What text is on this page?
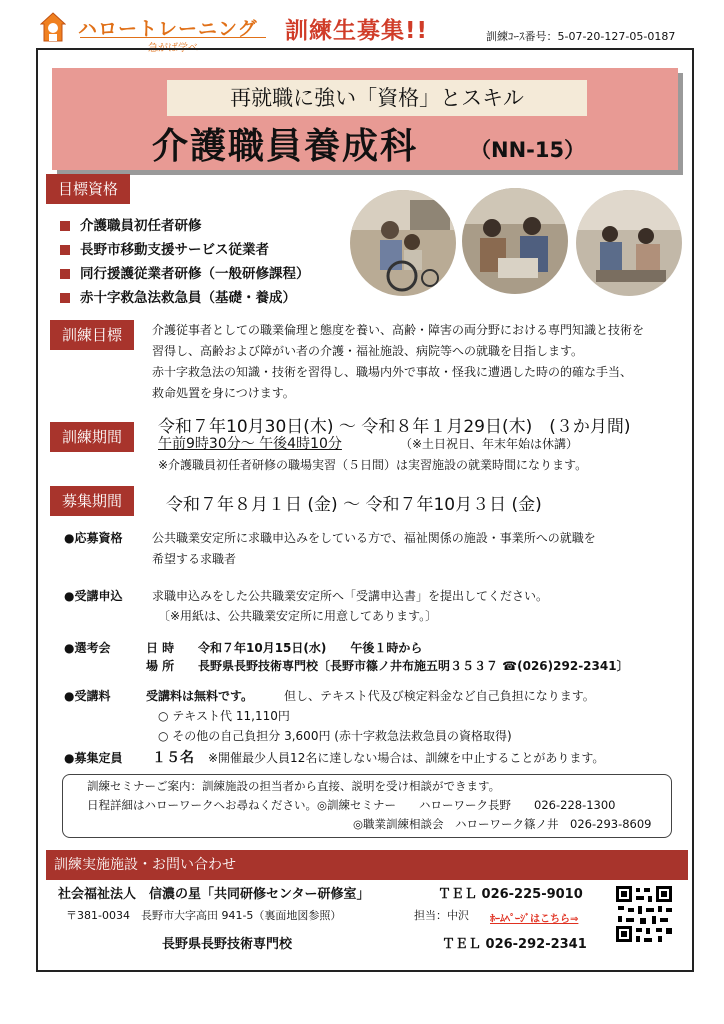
ハロートレーニング
急がば学べ
訓練生募集!!	訓練ｺｰｽ番号：5-07-20-127-05-0187
再就職に強い「資格」とスキル
介護職員養成科 （NN-15）
目標資格
介護職員初任者研修
長野市移動支援サービス従業者
同行援護従業者研修（一般研修課程）
赤十字救急法救急員（基礎・養成）
訓練目標	介護従事者としての職業倫理と態度を養い、高齢・障害の両分野における専門知識と技術を
習得し、高齢および障がい者の介護・福祉施設、病院等への就職を目指します。
赤十字救急法の知識・技術を習得し、職場内外で事故・怪我に遭遇した時の的確な手当、
救命処置を身につけます。
訓練期間	令和７年10月30日(木) ～ 令和８年１月29日(木)　(３か月間)
午前9時30分～ 午後4時10分	（※土日祝日、年末年始は休講）
※介護職員初任者研修の職場実習（５日間）は実習施設の就業時間になります。
募集期間	令和７年８月１日 (金) ～ 令和７年10月３日 (金)
●応募資格 公共職業安定所に求職申込みをしている方で、福祉関係の施設・事業所への就職を
希望する求職者
●受講申込 求職申込みをした公共職業安定所へ「受講申込書」を提出してください。
〔※用紙は、公共職業安定所に用意してあります。〕
●選考会	日 時 令和７年10月15日(水)　　午後１時から
場 所 長野県長野技術専門校〔長野市篠ノ井布施五明３５３７ ☎(026)292-2341〕
●受講料	受講料は無料です。	但し、テキスト代及び検定料金など自己負担になります。
○ テキスト代 11,110円
○ その他の自己負担分 3,600円 (赤十字救急法救急員の資格取得)
●募集定員 １５名 ※開催最少人員12名に達しない場合は、訓練を中止することがあります。
訓練セミナーご案内：訓練施設の担当者から直接、説明を受け相談ができます。
日程詳細はハローワークへお尋ねください。◎訓練セミナー　　ハローワーク長野　　026-228-1300
◎職業訓練相談会　ハローワーク篠ノ井　026-293-8609
訓練実施施設・お問い合わせ
社会福祉法人　信濃の星「共同研修センター研修室」	ＴＥＬ 026-225-9010
〒381-0034　長野市大字高田 941-5（裏面地図参照）	担当：中沢 ﾎｰﾑﾍﾟｰｼﾞはこちら⇒
長野県長野技術専門校	ＴＥＬ 026-292-2341
